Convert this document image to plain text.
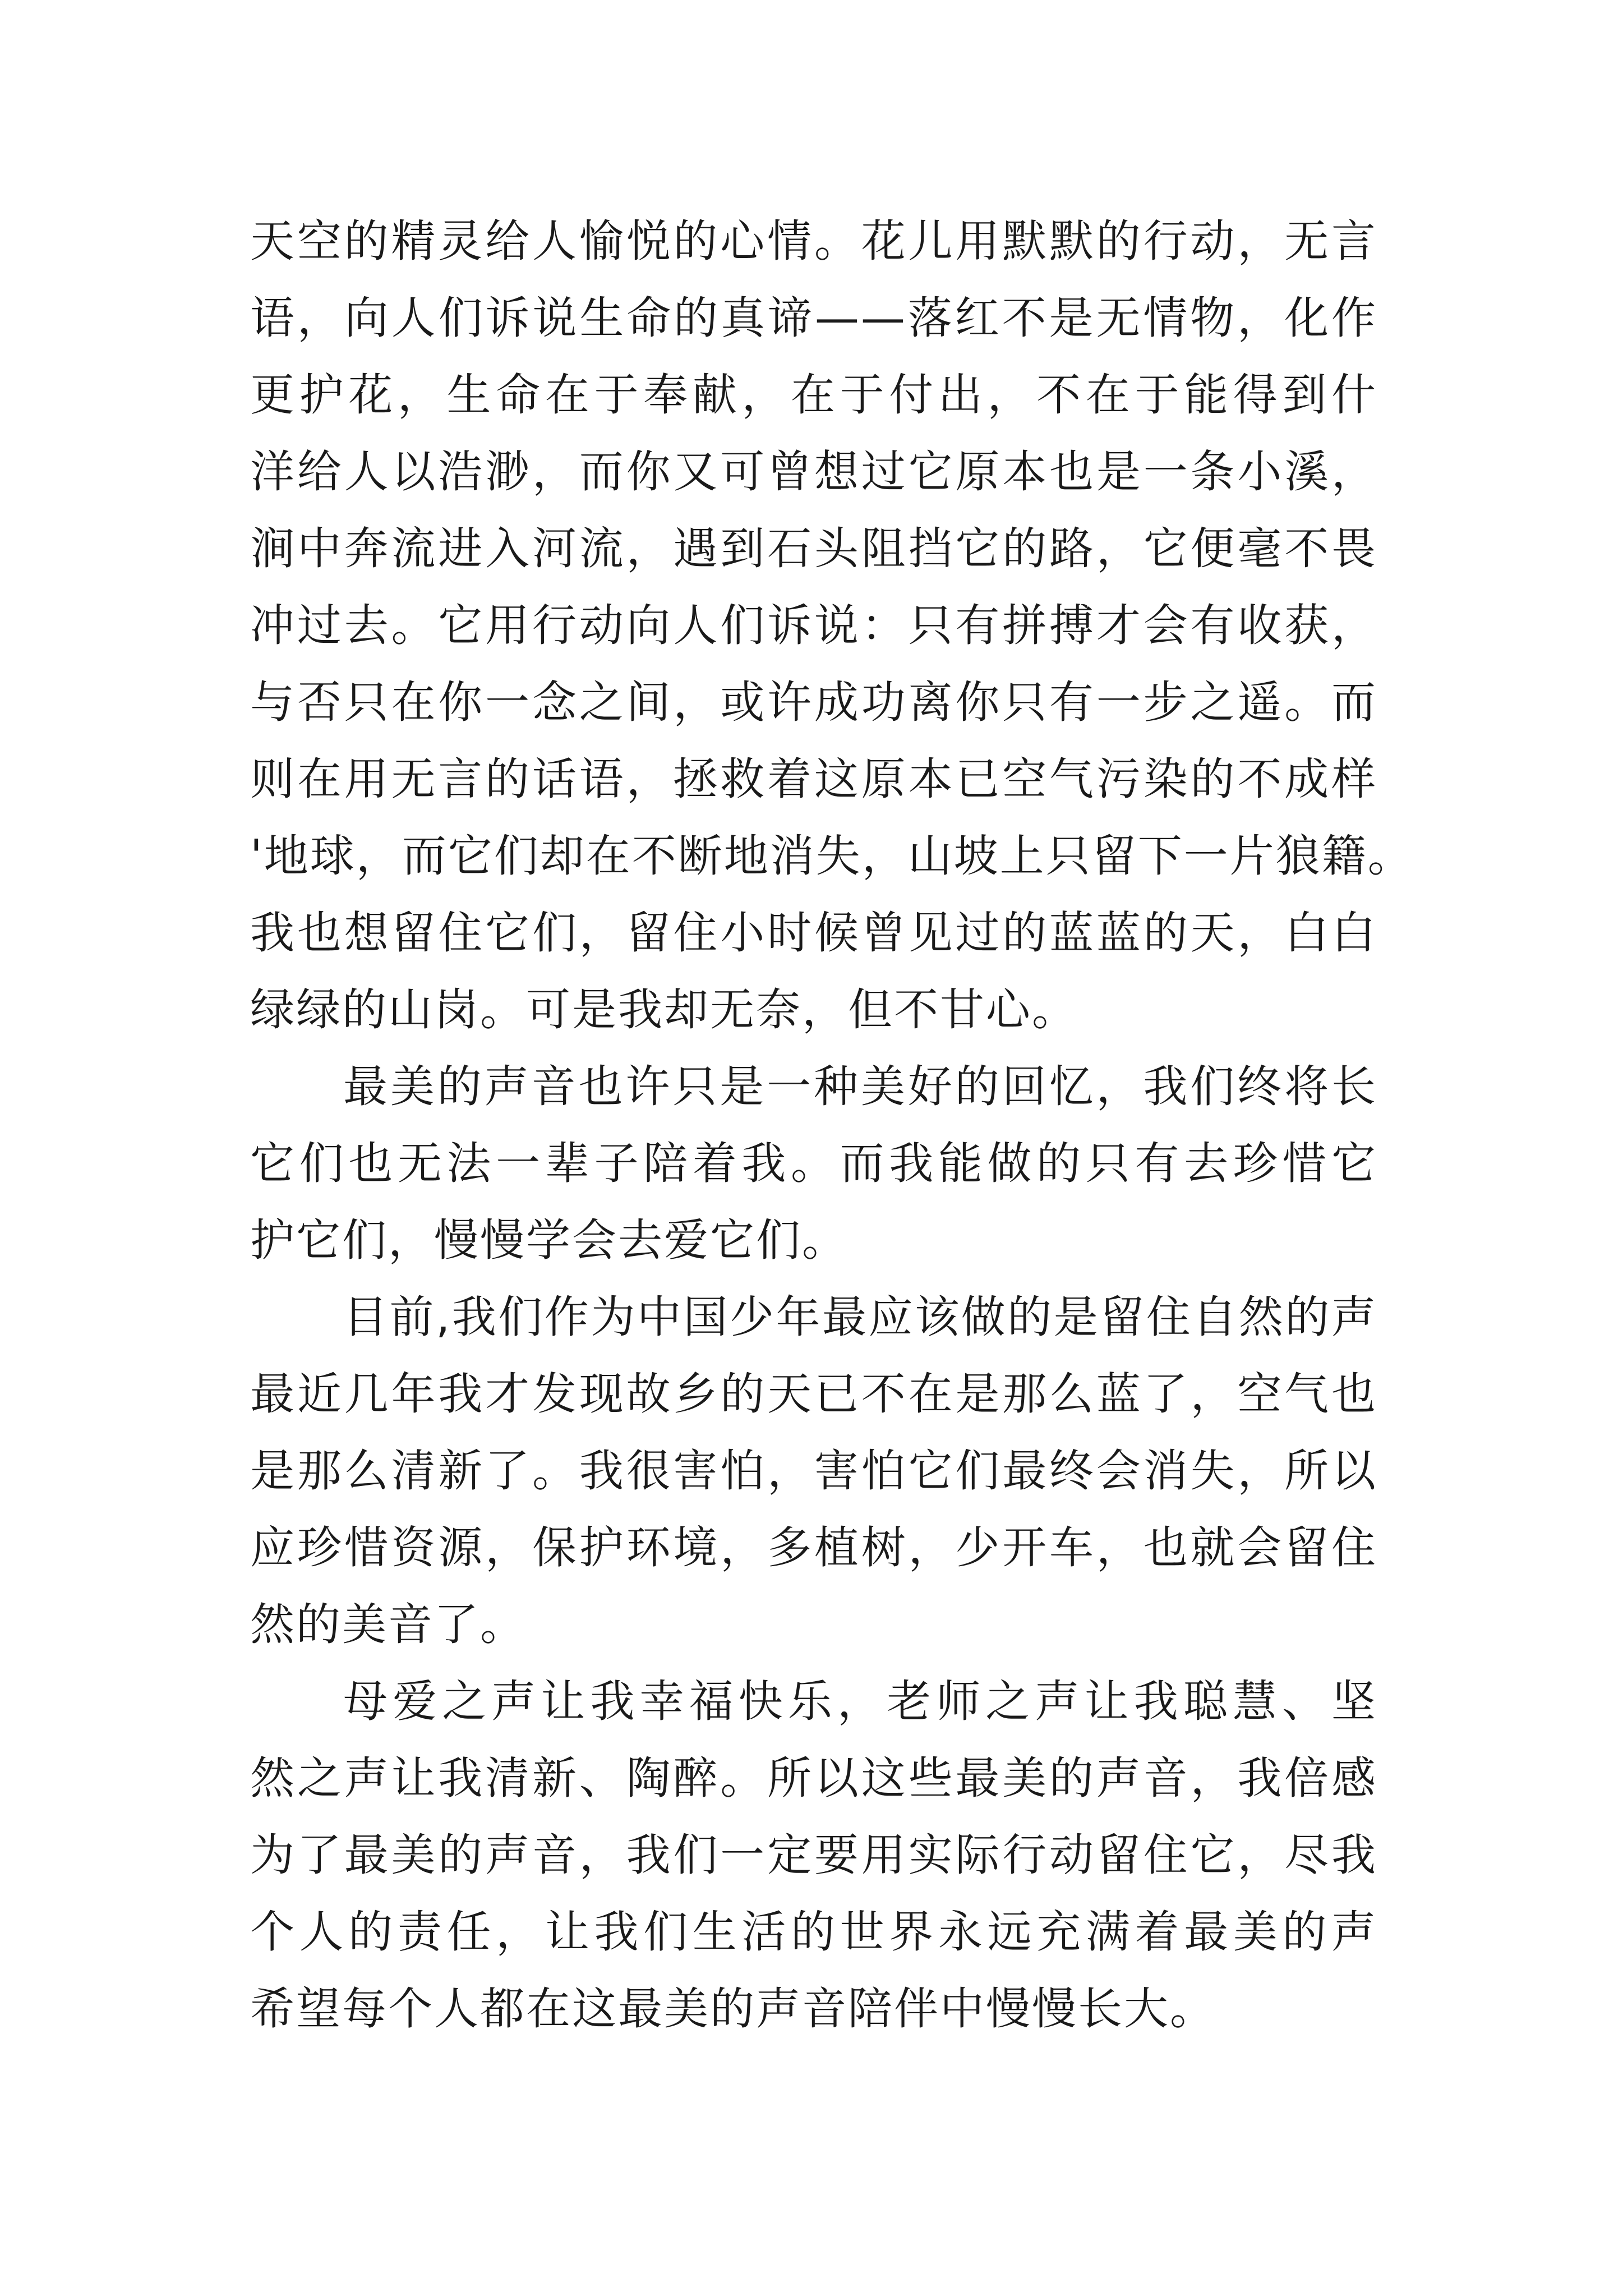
天空的精灵给人愉悦的心情。花儿用默默的行动，无言
语，向人们诉说生命的真谛——落红不是无情物，化作
更护花，生命在于奉献，在于付出，不在于能得到什
洋给人以浩渺，而你又可曾想过它原本也是一条小溪，
涧中奔流进入河流，遇到石头阻挡它的路，它便毫不畏
冲过去。它用行动向人们诉说：只有拼搏才会有收获，
与否只在你一念之间，或许成功离你只有一步之遥。而
则在用无言的话语，拯救着这原本已空气污染的不成样
'地球，而它们却在不断地消失，山坡上只留下一片狼籍。
我也想留住它们，留住小时候曾见过的蓝蓝的天，白白
绿绿的山岗。可是我却无奈，但不甘心。
最美的声音也许只是一种美好的回忆，我们终将长
它们也无法一辈子陪着我。而我能做的只有去珍惜它
护它们，慢慢学会去爱它们。
目前,我们作为中国少年最应该做的是留住自然的声
最近几年我才发现故乡的天已不在是那么蓝了，空气也
是那么清新了。我很害怕，害怕它们最终会消失，所以
应珍惜资源，保护环境，多植树，少开车，也就会留住
然的美音了。
母爱之声让我幸福快乐，老师之声让我聪慧、坚
然之声让我清新、陶醉。所以这些最美的声音，我倍感
为了最美的声音，我们一定要用实际行动留住它，尽我
个人的责任，让我们生活的世界永远充满着最美的声
希望每个人都在这最美的声音陪伴中慢慢长大。
